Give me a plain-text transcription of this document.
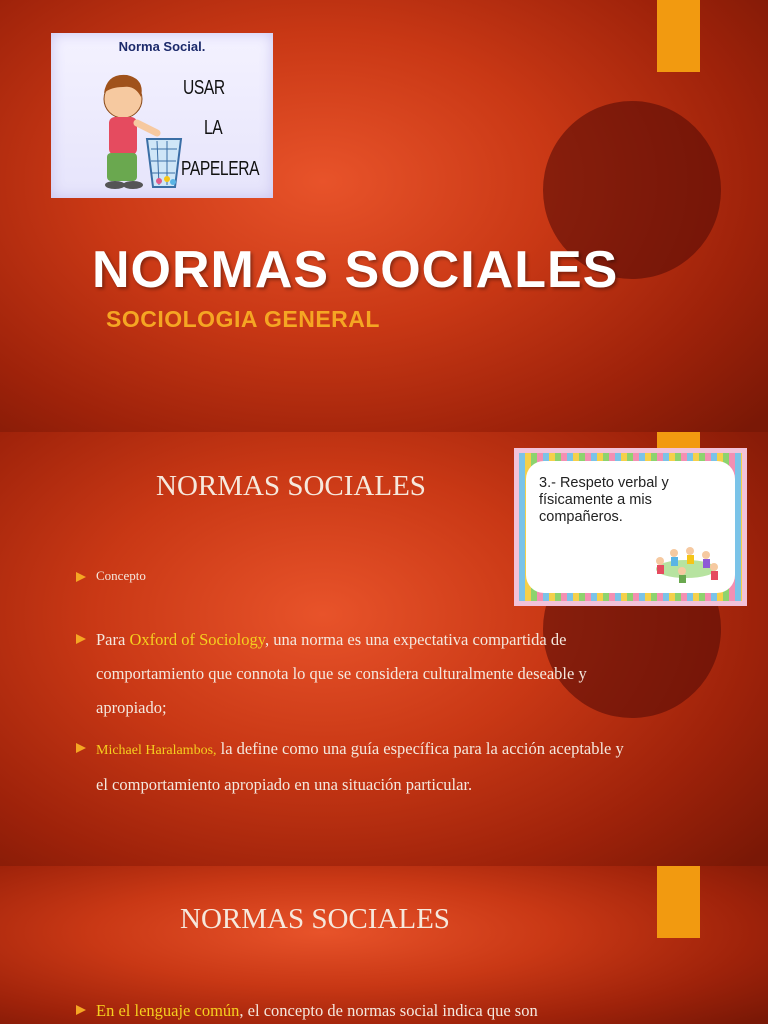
Norma Social.
USAR
LA
PAPELERA
NORMAS SOCIALES
SOCIOLOGIA GENERAL
3.- Respeto verbal y físicamente a mis compañeros.
NORMAS SOCIALES
Concepto
Para Oxford of Sociology, una norma es una expectativa compartida de comportamiento que connota lo que se considera culturalmente deseable y apropiado;
Michael Haralambos, la define como una guía específica para la acción aceptable y el comportamiento apropiado en una situación particular.
NORMAS SOCIALES
En el lenguaje común, el concepto de normas social indica que son
